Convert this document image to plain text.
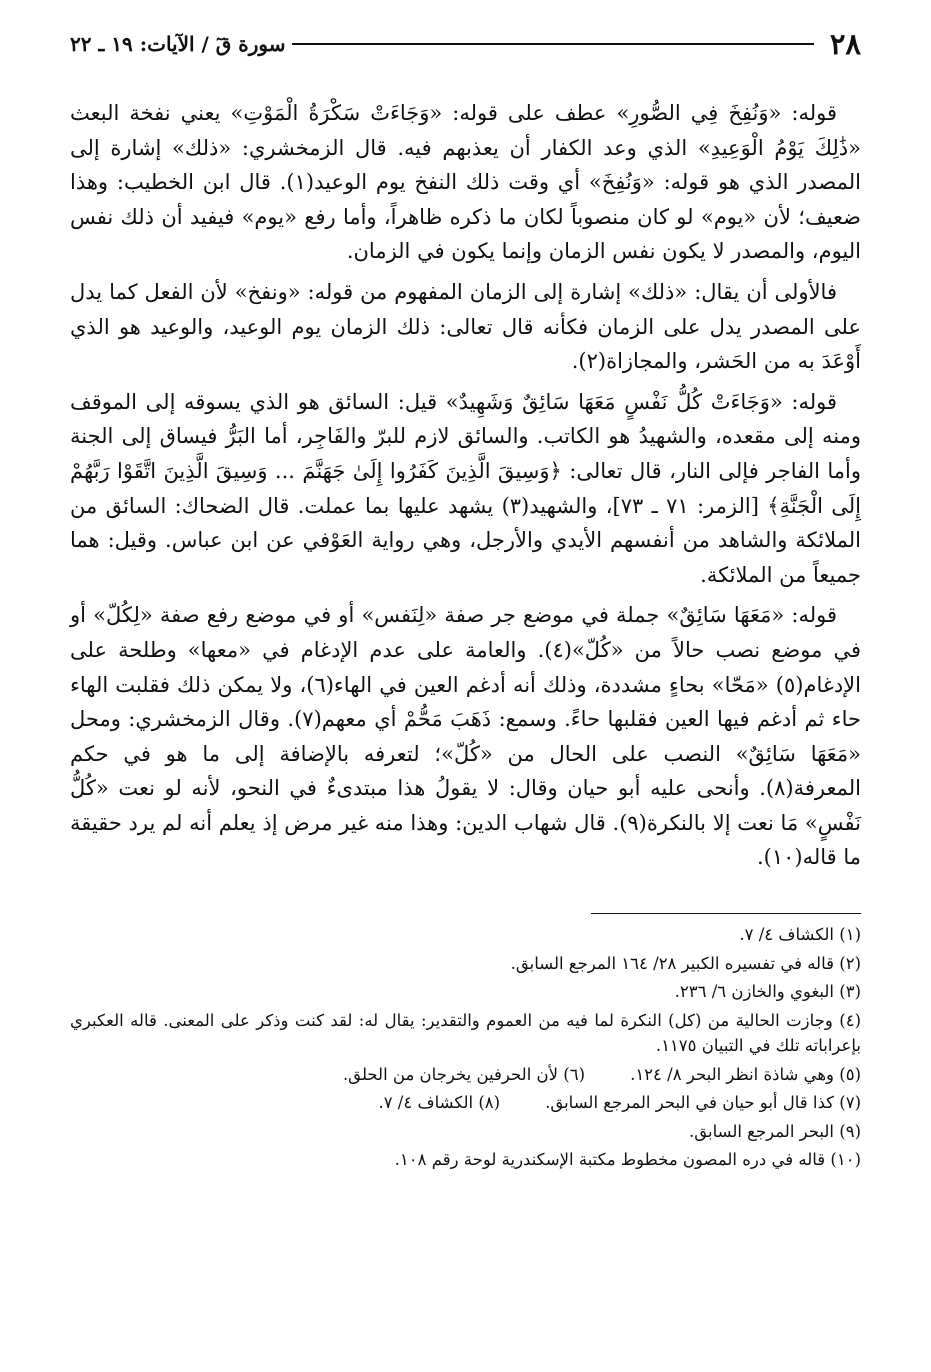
٢٨
سورة قٓ / الآيات: ١٩ ـ ٢٢

قوله: «وَنُفِخَ فِي الصُّورِ» عطف على قوله: «وَجَاءَتْ سَكْرَةُ الْمَوْتِ» يعني نفخة البعث «ذَٰلِكَ يَوْمُ الْوَعِيدِ» الذي وعد الكفار أن يعذبهم فيه. قال الزمخشري: «ذلك» إشارة إلى المصدر الذي هو قوله: «وَنُفِخَ» أي وقت ذلك النفخ يوم الوعيد(١). قال ابن الخطيب: وهذا ضعيف؛ لأن «يوم» لو كان منصوباً لكان ما ذكره ظاهراً، وأما رفع «يوم» فيفيد أن ذلك نفس اليوم، والمصدر لا يكون نفس الزمان وإنما يكون في الزمان.

فالأولى أن يقال: «ذلك» إشارة إلى الزمان المفهوم من قوله: «ونفخ» لأن الفعل كما يدل على المصدر يدل على الزمان فكأنه قال تعالى: ذلك الزمان يوم الوعيد، والوعيد هو الذي أَوْعَدَ به من الحَشر، والمجازاة(٢).

قوله: «وَجَاءَتْ كُلُّ نَفْسٍ مَعَهَا سَائِقٌ وَشَهِيدٌ» قيل: السائق هو الذي يسوقه إلى الموقف ومنه إلى مقعده، والشهيدُ هو الكاتب. والسائق لازم للبرّ والفَاجِر، أما البَرُّ فيساق إلى الجنة وأما الفاجر فإلى النار، قال تعالى: ﴿وَسِيقَ الَّذِينَ كَفَرُوا إِلَىٰ جَهَنَّمَ ... وَسِيقَ الَّذِينَ اتَّقَوْا رَبَّهُمْ إِلَى الْجَنَّةِ﴾ [الزمر: ٧١ ـ ٧٣]، والشهيد(٣) يشهد عليها بما عملت. قال الضحاك: السائق من الملائكة والشاهد من أنفسهم الأيدي والأرجل، وهي رواية العَوْفي عن ابن عباس. وقيل: هما جميعاً من الملائكة.

قوله: «مَعَهَا سَائِقٌ» جملة في موضع جر صفة «لِنَفس» أو في موضع رفع صفة «لِكُلّ» أو في موضع نصب حالاً من «كُلّ»(٤). والعامة على عدم الإدغام في «معها» وطلحة على الإدغام(٥) «مَحّا» بحاءٍ مشددة، وذلك أنه أدغم العين في الهاء(٦)، ولا يمكن ذلك فقلبت الهاء حاء ثم أدغم فيها العين فقلبها حاءً. وسمع: ذَهَبَ مَحُّمْ أي معهم(٧). وقال الزمخشري: ومحل «مَعَهَا سَائِقٌ» النصب على الحال من «كُلّ»؛ لتعرفه بالإضافة إلى ما هو في حكم المعرفة(٨). وأنحى عليه أبو حيان وقال: لا يقولُ هذا مبتدىءٌ في النحو، لأنه لو نعت «كُلُّ نَفْسٍ» مَا نعت إلا بالنكرة(٩). قال شهاب الدين: وهذا منه غير مرض إذ يعلم أنه لم يرد حقيقة ما قاله(١٠).

(١) الكشاف ٤/ ٧.

(٢) قاله في تفسيره الكبير ٢٨/ ١٦٤ المرجع السابق.

(٣) البغوي والخازن ٦/ ٢٣٦.

(٤) وجازت الحالية من (كل) النكرة لما فيه من العموم والتقدير: يقال له: لقد كنت وذكر على المعنى. قاله العكبري بإعراباته تلك في التبيان ١١٧٥.

(٥) وهي شاذة انظر البحر ٨/ ١٢٤.

(٦) لأن الحرفين يخرجان من الحلق.

(٧) كذا قال أبو حيان في البحر المرجع السابق.

(٨) الكشاف ٤/ ٧.

(٩) البحر المرجع السابق.

(١٠) قاله في دره المصون مخطوط مكتبة الإسكندرية لوحة رقم ١٠٨.
